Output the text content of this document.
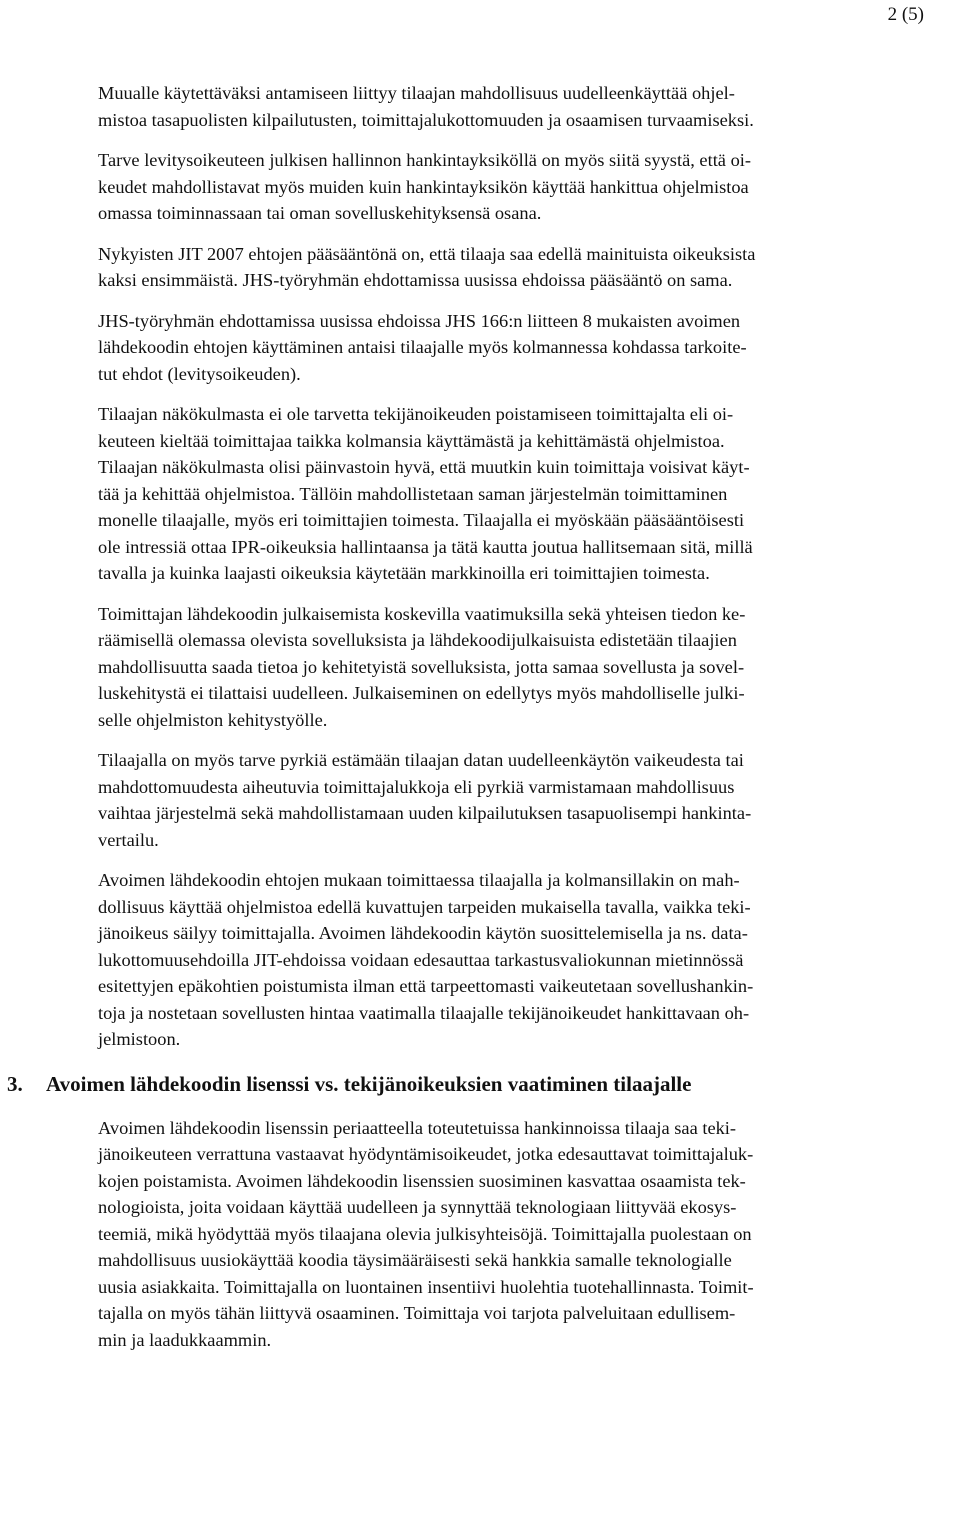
2 (5)

Muualle käytettäväksi antamiseen liittyy tilaajan mahdollisuus uudelleenkäyttää ohjel-
mistoa tasapuolisten kilpailutusten, toimittajalukottomuuden ja osaamisen turvaamiseksi.

Tarve levitysoikeuteen julkisen hallinnon hankintayksiköllä on myös siitä syystä, että oi-
keudet mahdollistavat myös muiden kuin hankintayksikön käyttää hankittua ohjelmistoa
omassa toiminnassaan tai oman sovelluskehityksensä osana.

Nykyisten JIT 2007 ehtojen pääsääntönä on, että tilaaja saa edellä mainituista oikeuksista
kaksi ensimmäistä. JHS-työryhmän ehdottamissa uusissa ehdoissa pääsääntö on sama.

JHS-työryhmän ehdottamissa uusissa ehdoissa JHS 166:n liitteen 8 mukaisten avoimen
lähdekoodin ehtojen käyttäminen antaisi tilaajalle myös kolmannessa kohdassa tarkoite-
tut ehdot (levitysoikeuden).

Tilaajan näkökulmasta ei ole tarvetta tekijänoikeuden poistamiseen toimittajalta eli oi-
keuteen kieltää toimittajaa taikka kolmansia käyttämästä ja kehittämästä ohjelmistoa.
Tilaajan näkökulmasta olisi päinvastoin hyvä, että muutkin kuin toimittaja voisivat käyt-
tää ja kehittää ohjelmistoa. Tällöin mahdollistetaan saman järjestelmän toimittaminen
monelle tilaajalle, myös eri toimittajien toimesta. Tilaajalla ei myöskään pääsääntöisesti
ole intressiä ottaa IPR-oikeuksia hallintaansa ja tätä kautta joutua hallitsemaan sitä, millä
tavalla ja kuinka laajasti oikeuksia käytetään markkinoilla eri toimittajien toimesta.

Toimittajan lähdekoodin julkaisemista koskevilla vaatimuksilla sekä yhteisen tiedon ke-
räämisellä olemassa olevista sovelluksista ja lähdekoodijulkaisuista edistetään tilaajien
mahdollisuutta saada tietoa jo kehitetyistä sovelluksista, jotta samaa sovellusta ja sovel-
luskehitystä ei tilattaisi uudelleen. Julkaiseminen on edellytys myös mahdolliselle julki-
selle ohjelmiston kehitystyölle.

Tilaajalla on myös tarve pyrkiä estämään tilaajan datan uudelleenkäytön vaikeudesta tai
mahdottomuudesta aiheutuvia toimittajalukkoja eli pyrkiä varmistamaan mahdollisuus
vaihtaa järjestelmä sekä mahdollistamaan uuden kilpailutuksen tasapuolisempi hankinta-
vertailu.

Avoimen lähdekoodin ehtojen mukaan toimittaessa tilaajalla ja kolmansillakin on mah-
dollisuus käyttää ohjelmistoa edellä kuvattujen tarpeiden mukaisella tavalla, vaikka teki-
jänoikeus säilyy toimittajalla. Avoimen lähdekoodin käytön suosittelemisella ja ns. data-
lukottomuusehdoilla JIT-ehdoissa voidaan edesauttaa tarkastusvaliokunnan mietinnössä
esitettyjen epäkohtien poistumista ilman että tarpeettomasti vaikeutetaan sovellushankin-
toja ja nostetaan sovellusten hintaa vaatimalla tilaajalle tekijänoikeudet hankittavaan oh-
jelmistoon.

3. Avoimen lähdekoodin lisenssi vs. tekijänoikeuksien vaatiminen tilaajalle

Avoimen lähdekoodin lisenssin periaatteella toteutetuissa hankinnoissa tilaaja saa teki-
jänoikeuteen verrattuna vastaavat hyödyntämisoikeudet, jotka edesauttavat toimittajaluk-
kojen poistamista. Avoimen lähdekoodin lisenssien suosiminen kasvattaa osaamista tek-
nologioista, joita voidaan käyttää uudelleen ja synnyttää teknologiaan liittyvää ekosys-
teemiä, mikä hyödyttää myös tilaajana olevia julkisyhteisöjä. Toimittajalla puolestaan on
mahdollisuus uusiokäyttää koodia täysimääräisesti sekä hankkia samalle teknologialle
uusia asiakkaita. Toimittajalla on luontainen insentiivi huolehtia tuotehallinnasta. Toimit-
tajalla on myös tähän liittyvä osaaminen. Toimittaja voi tarjota palveluitaan edullisem-
min ja laadukkaammin.
